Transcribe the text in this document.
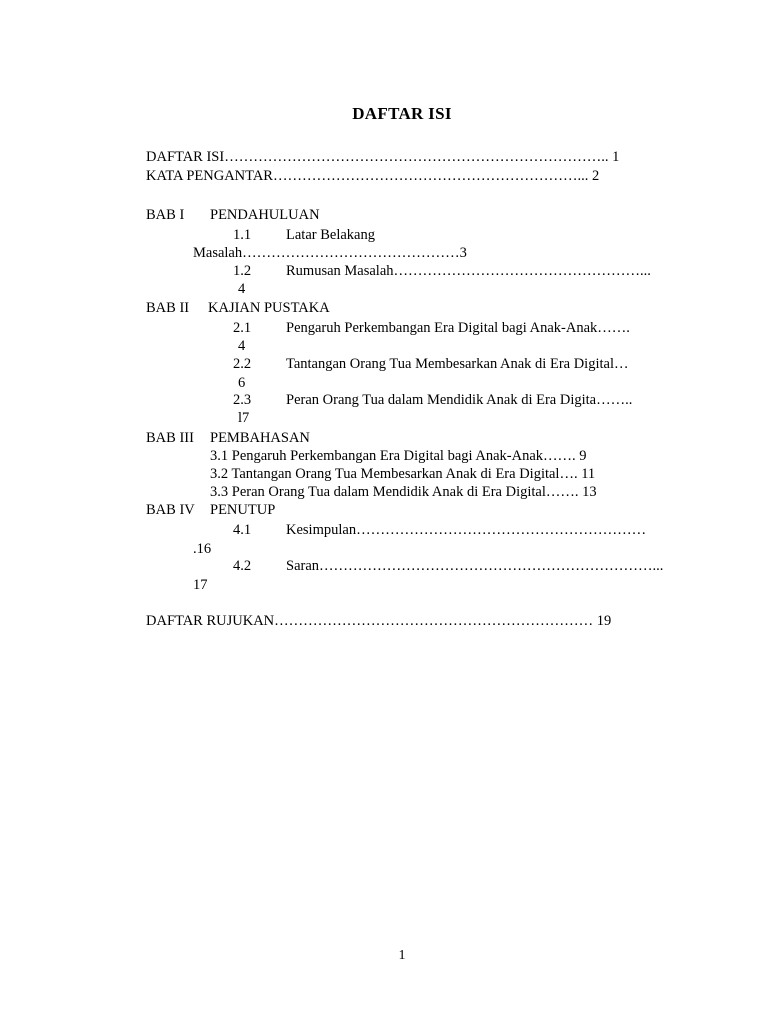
DAFTAR ISI
DAFTAR ISI…………………………………………………………………….. 1
KATA PENGANTAR………………………………………………………... 2
BAB I PENDAHULUAN
1.1 Latar Belakang
Masalah………………………………………3
1.2 Rumusan Masalah……………………………………………...
4
BAB II KAJIAN PUSTAKA
2.1 Pengaruh Perkembangan Era Digital bagi Anak-Anak…….
4
2.2 Tantangan Orang Tua Membesarkan Anak di Era Digital…
6
2.3 Peran Orang Tua dalam Mendidik Anak di Era Digita……..
l7
BAB III PEMBAHASAN
3.1 Pengaruh Perkembangan Era Digital bagi Anak-Anak……. 9
3.2 Tantangan Orang Tua Membesarkan Anak di Era Digital…. 11
3.3 Peran Orang Tua dalam Mendidik Anak di Era Digital……. 13
BAB IV PENUTUP
4.1 Kesimpulan……………………………………………………
.16
4.2 Saran……………………………………………………………...
17
DAFTAR RUJUKAN………………………………………………………… 19
1
